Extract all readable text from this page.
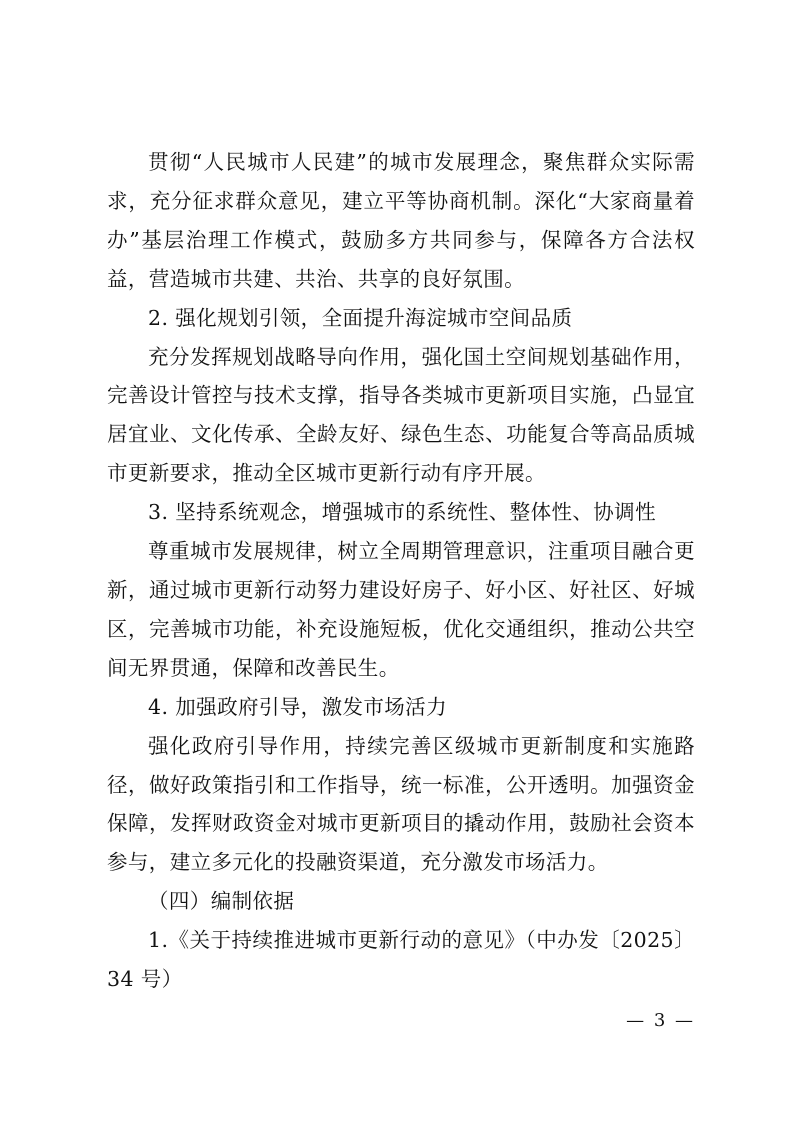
贯彻“人民城市人民建”的城市发展理念，聚焦群众实际需求，充分征求群众意见，建立平等协商机制。深化“大家商量着办”基层治理工作模式，鼓励多方共同参与，保障各方合法权益，营造城市共建、共治、共享的良好氛围。

2. 强化规划引领，全面提升海淀城市空间品质

充分发挥规划战略导向作用，强化国土空间规划基础作用，完善设计管控与技术支撑，指导各类城市更新项目实施，凸显宜居宜业、文化传承、全龄友好、绿色生态、功能复合等高品质城市更新要求，推动全区城市更新行动有序开展。

3. 坚持系统观念，增强城市的系统性、整体性、协调性

尊重城市发展规律，树立全周期管理意识，注重项目融合更新，通过城市更新行动努力建设好房子、好小区、好社区、好城区，完善城市功能，补充设施短板，优化交通组织，推动公共空间无界贯通，保障和改善民生。

4. 加强政府引导，激发市场活力

强化政府引导作用，持续完善区级城市更新制度和实施路径，做好政策指引和工作指导，统一标准，公开透明。加强资金保障，发挥财政资金对城市更新项目的撬动作用，鼓励社会资本参与，建立多元化的投融资渠道，充分激发市场活力。

（四）编制依据

1.《关于持续推进城市更新行动的意见》（中办发〔2025〕34 号）

— 3 —
